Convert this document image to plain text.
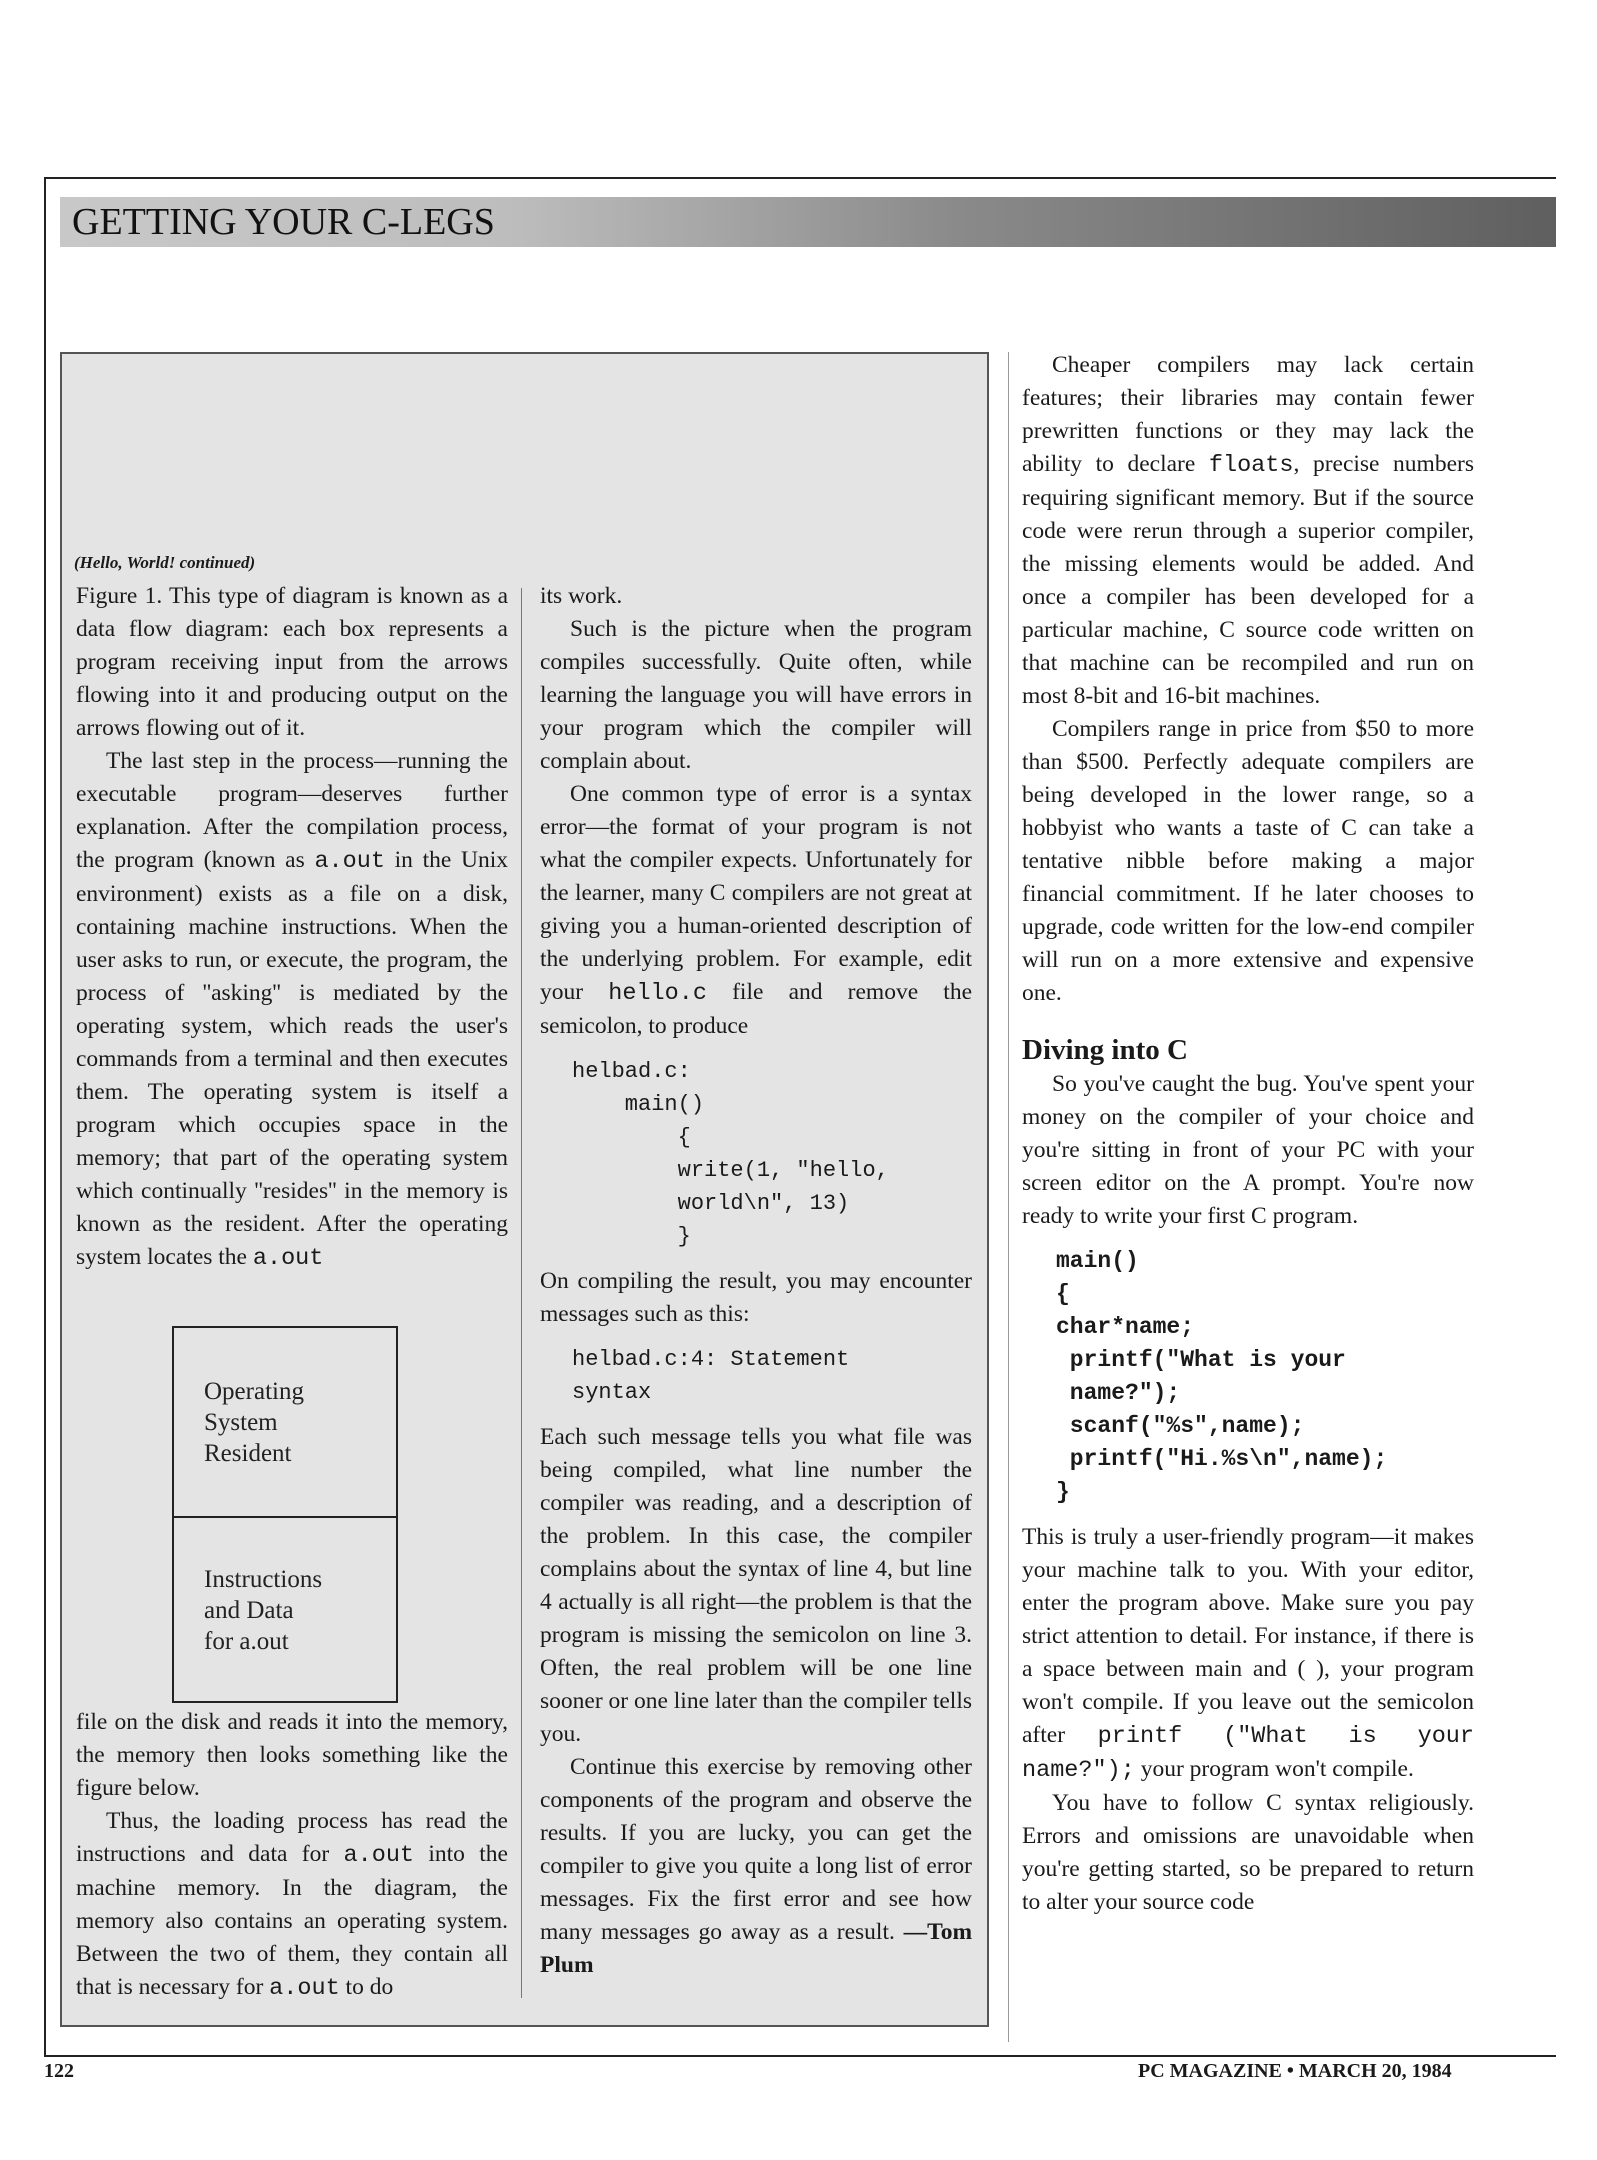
GETTING YOUR C-LEGS
(Hello, World! continued)

Figure 1. This type of diagram is known as a data flow diagram: each box represents a program receiving input from the arrows flowing into it and producing output on the arrows flowing out of it.

The last step in the process—running the executable program—deserves further explanation. After the compilation process, the program (known as a.out in the Unix environment) exists as a file on a disk, containing machine instructions. When the user asks to run, or execute, the program, the process of ''asking'' is mediated by the operating system, which reads the user's commands from a terminal and then executes them. The operating system is itself a program which occupies space in the memory; that part of the operating system which continually ''resides'' in the memory is known as the resident. After the operating system locates the a.out

Operating
System
Resident
Instructions
and Data
for a.out

file on the disk and reads it into the memory, the memory then looks something like the figure below.

Thus, the loading process has read the instructions and data for a.out into the machine memory. In the diagram, the memory also contains an operating system. Between the two of them, they contain all that is necessary for a.out to do

its work.

Such is the picture when the program compiles successfully. Quite often, while learning the language you will have errors in your program which the compiler will complain about.

One common type of error is a syntax error—the format of your program is not what the compiler expects. Unfortunately for the learner, many C compilers are not great at giving you a human-oriented description of the underlying problem. For example, edit your hello.c file and remove the semicolon, to produce

helbad.c:
main()
{
write(1, "hello,
world\n", 13)
}

On compiling the result, you may encounter messages such as this:

helbad.c:4: Statement
syntax

Each such message tells you what file was being compiled, what line number the compiler was reading, and a description of the problem. In this case, the compiler complains about the syntax of line 4, but line 4 actually is all right—the problem is that the program is missing the semicolon on line 3. Often, the real problem will be one line sooner or one line later than the compiler tells you.

Continue this exercise by removing other components of the program and observe the results. If you are lucky, you can get the compiler to give you quite a long list of error messages. Fix the first error and see how many messages go away as a result. —Tom Plum

Cheaper compilers may lack certain features; their libraries may contain fewer prewritten functions or they may lack the ability to declare floats, precise numbers requiring significant memory. But if the source code were rerun through a superior compiler, the missing elements would be added. And once a compiler has been developed for a particular machine, C source code written on that machine can be recompiled and run on most 8-bit and 16-bit machines.

Compilers range in price from $50 to more than $500. Perfectly adequate compilers are being developed in the lower range, so a hobbyist who wants a taste of C can take a tentative nibble before making a major financial commitment. If he later chooses to upgrade, code written for the low-end compiler will run on a more extensive and expensive one.

Diving into C

So you've caught the bug. You've spent your money on the compiler of your choice and you're sitting in front of your PC with your screen editor on the A prompt. You're now ready to write your first C program.

main()
{
char*name;
printf("What is your
name?");
scanf("%s",name);
printf("Hi.%s\n",name);
}

This is truly a user-friendly program—it makes your machine talk to you. With your editor, enter the program above. Make sure you pay strict attention to detail. For instance, if there is a space between main and ( ), your program won't compile. If you leave out the semicolon after printf ("What is your name?"); your program won't compile.

You have to follow C syntax religiously. Errors and omissions are unavoidable when you're getting started, so be prepared to return to alter your source code

122	PC MAGAZINE • MARCH 20, 1984
